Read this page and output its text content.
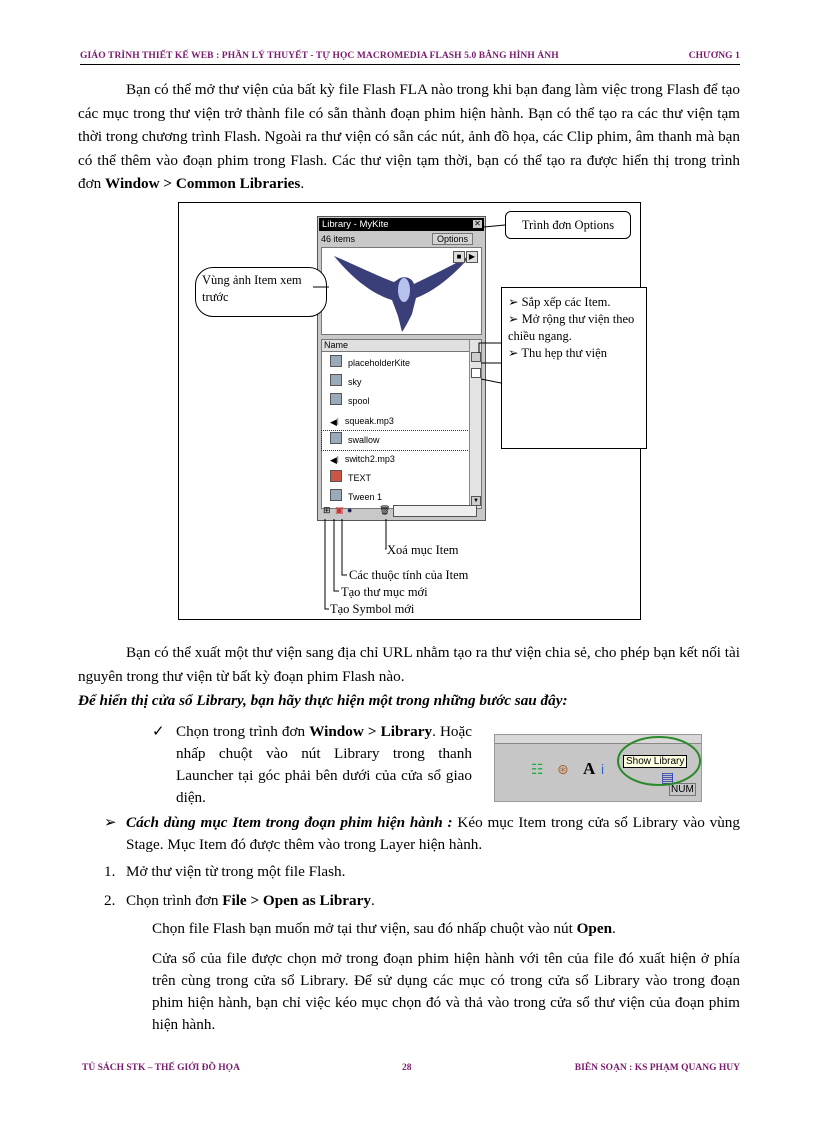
GIÁO TRÌNH THIẾT KẾ WEB : PHẦN LÝ THUYẾT - TỰ HỌC MACROMEDIA FLASH 5.0 BẰNG HÌNH ẢNH	CHƯƠNG 1
Bạn có thể mở thư viện của bất kỳ file Flash FLA nào trong khi bạn đang làm việc trong Flash để tạo các mục trong thư viện trở thành file có sẵn thành đoạn phim hiện hành. Bạn có thể tạo ra các thư viện tạm thời trong chương trình Flash. Ngoài ra thư viện có sẵn các nút, ảnh đồ họa, các Clip phim, âm thanh mà bạn có thể thêm vào đoạn phim trong Flash. Các thư viện tạm thời, bạn có thể tạo ra được hiển thị trong trình đơn Window > Common Libraries.
Library - MyKite	✕
46 items	Options
■ ▶
Name
placeholderKite
sky
spool
◀⦚ squeak.mp3
swallow
◀⦚ switch2.mp3
TEXT
Tween 1	▼
⊞ ▣ ●	🗑
Trình đơn Options
Vùng ảnh Item xem trước	➢ Sắp xếp các Item.
➢ Mở rộng thư viện theo chiều ngang.
➢ Thu hẹp thư viện
Xoá mục Item
Các thuộc tính của Item
Tạo thư mục mới
Tạo Symbol mới
Bạn có thể xuất một thư viện sang địa chỉ URL nhằm tạo ra thư viện chia sẻ, cho phép bạn kết nối tài nguyên trong thư viện từ bất kỳ đoạn phim Flash nào.
Để hiển thị cửa sổ Library, bạn hãy thực hiện một trong những bước sau đây:
✓ Chọn trong trình đơn Window > Library. Hoặc nhấp chuột vào nút Library trong thanh Launcher tại góc phải bên dưới của cửa sổ giao diện.
☷ ⊛ A i	Show Library
▤
NUM
➢ Cách dùng mục Item trong đoạn phim hiện hành : Kéo mục Item trong cửa sổ Library vào vùng Stage. Mục Item đó được thêm vào trong Layer hiện hành.
1. Mở thư viện từ trong một file Flash.
2. Chọn trình đơn File > Open as Library.
Chọn file Flash bạn muốn mở tại thư viện, sau đó nhấp chuột vào nút Open.
Cửa sổ của file được chọn mở trong đoạn phim hiện hành với tên của file đó xuất hiện ở phía trên cùng trong cửa sổ Library. Để sử dụng các mục có trong cửa sổ Library vào trong đoạn phim hiện hành, bạn chỉ việc kéo mục chọn đó và thả vào trong cửa sổ thư viện của đoạn phim hiện hành.
TỦ SÁCH STK – THẾ GIỚI ĐỒ HỌA	28	BIÊN SOẠN : KS PHẠM QUANG HUY
